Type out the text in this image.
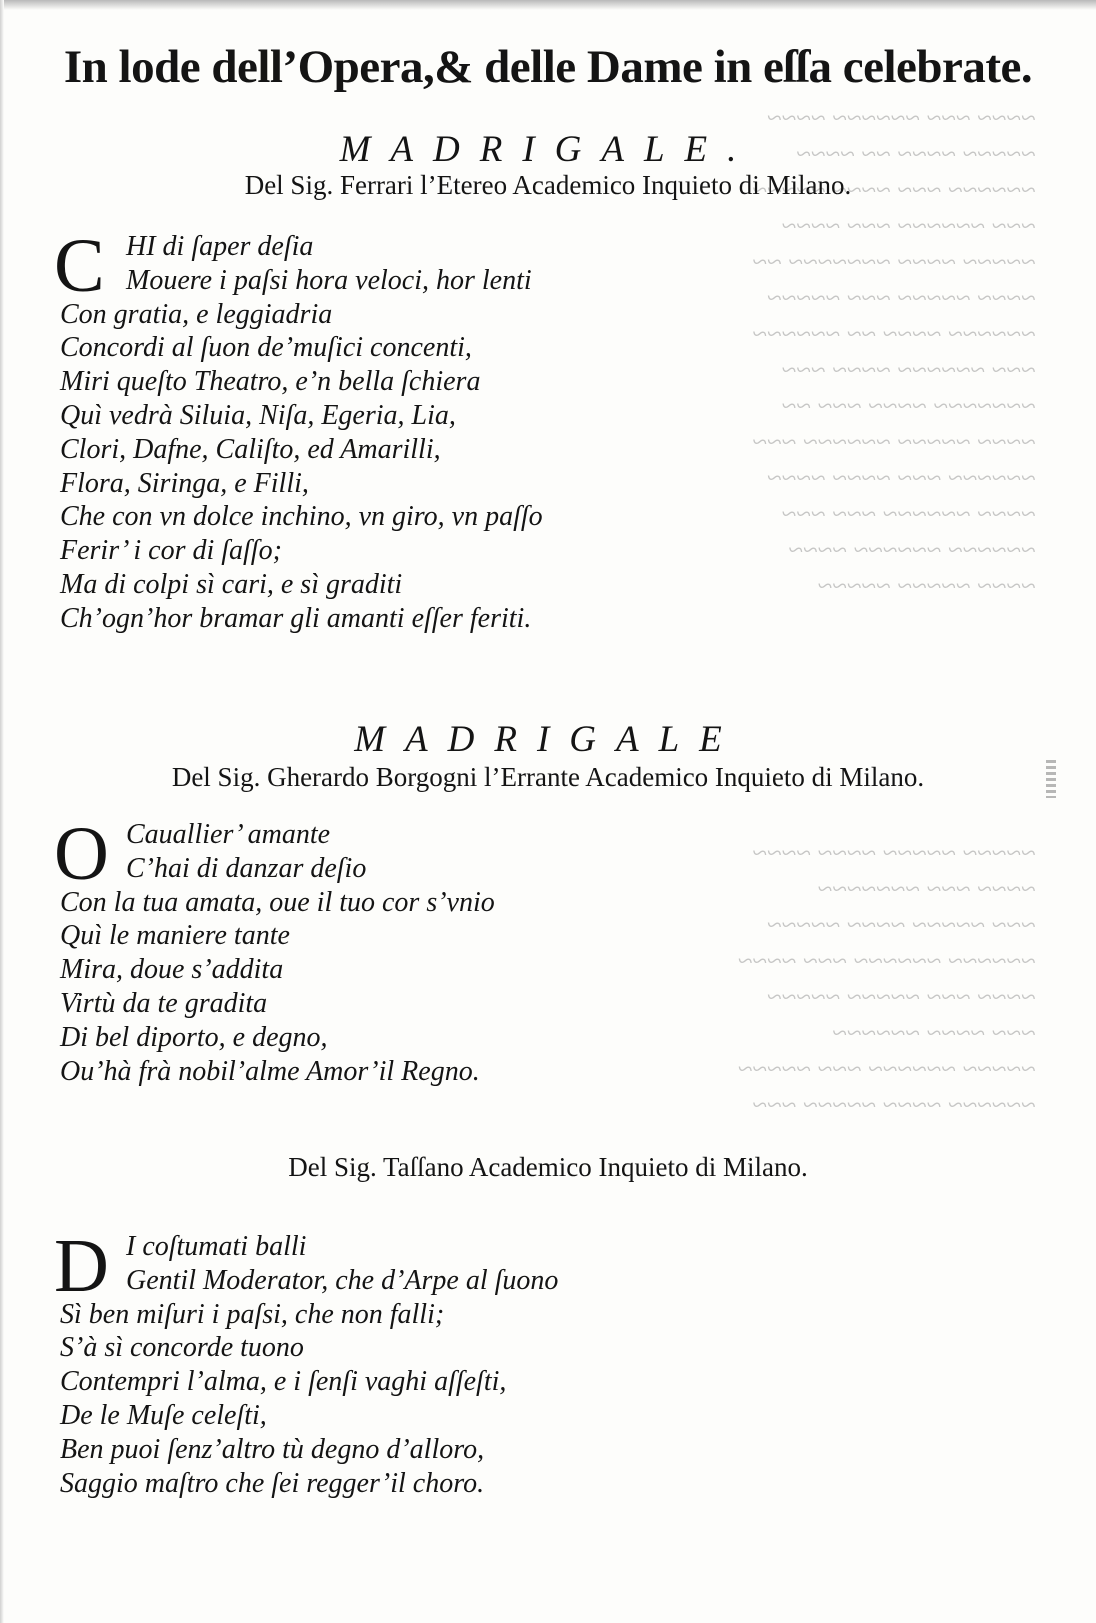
~~~~ ~~~ ~~~~~~ ~~~~
~~~~~ ~~~~ ~~ ~~~~
~~~~~~ ~~~ ~~~~ ~~~~~
~~~ ~~~~~~ ~~~ ~~~~
~~~~~ ~~~~ ~~~~~~~ ~~
~~~~ ~~~~~ ~~~ ~~~~~
~~~~~~ ~~~~ ~~ ~~~~~~
~~~ ~~~~~~ ~~~~ ~~~
~~~~~~~ ~~~~ ~~~ ~~
~~~~ ~~~~~ ~~~~~~ ~~~
~~~~~~ ~~~ ~~~~ ~~~~
~~~~ ~~~~~~ ~~~ ~~~
~~~~~~ ~~~~~~ ~~~~
~~~~ ~~~~~ ~~~~~
~~~~~ ~~~~~ ~~~~ ~~~~
~~~~ ~~~ ~~~~~~~
~~~ ~~~~~ ~~~~ ~~~~~
~~~~~~ ~~~~~~ ~~~ ~~~~
~~~~ ~~~ ~~~~~ ~~~~~
~~~ ~~~~ ~~~~~~
~~~~~ ~~~~~~ ~~~ ~~~~~
~~~~~~ ~~~~ ~~~~~ ~~~
In lode dell’Opera,& delle Dame in eſſa celebrate.
MADRIGALE.
Del Sig. Ferrari l’Etereo Academico Inquieto di Milano.
C HI di ſaper deſia
Mouere i paſsi hora veloci, hor lenti
Con gratia, e leggiadria
Concordi al ſuon de’muſici concenti,
Miri queſto Theatro, e’n bella ſchiera
Quì vedrà Siluia, Niſa, Egeria, Lia,
Clori, Dafne, Caliſto, ed Amarilli,
Flora, Siringa, e Filli,
Che con vn dolce inchino, vn giro, vn paſſo
Ferir’ i cor di ſaſſo;
Ma di colpi sì cari, e sì graditi
Ch’ogn’hor bramar gli amanti eſſer feriti.
MADRIGALE
Del Sig. Gherardo Borgogni l’Errante Academico Inquieto di Milano.
O Cauallier’ amante
C’hai di danzar deſio
Con la tua amata, oue il tuo cor s’vnio
Quì le maniere tante
Mira, doue s’addita
Virtù da te gradita
Di bel diporto, e degno,
Ou’hà frà nobil’alme Amor’il Regno.
Del Sig. Taſſano Academico Inquieto di Milano.
D I coſtumati balli
Gentil Moderator, che d’Arpe al ſuono
Sì ben miſuri i paſsi, che non falli;
S’à sì concorde tuono
Contempri l’alma, e i ſenſi vaghi aſſeſti,
De le Muſe celeſti,
Ben puoi ſenz’altro tù degno d’alloro,
Saggio maſtro che ſei regger’il choro.
